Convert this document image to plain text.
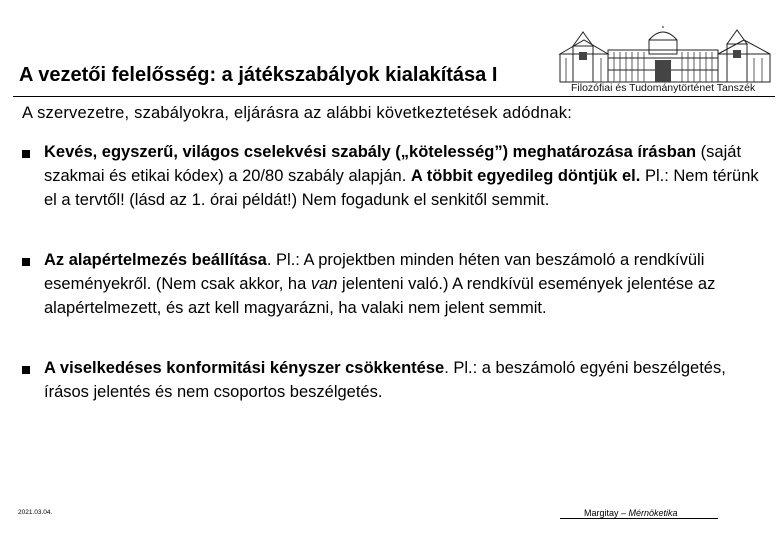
Filozófiai és Tudománytörténet Tanszék
A vezetői felelősség: a játékszabályok kialakítása I

A szervezetre, szabályokra, eljárásra az alábbi következtetések adódnak:

Kevés, egyszerű, világos cselekvési szabály („kötelesség”) meghatározása írásban (saját szakmai és etikai kódex) a 20/80 szabály alapján. A többit egyedileg döntjük el. Pl.: Nem térünk el a tervtől! (lásd az 1. órai példát!) Nem fogadunk el senkitől semmit.

Az alapértelmezés beállítása. Pl.: A projektben minden héten van beszámoló a rendkívüli eseményekről. (Nem csak akkor, ha van jelenteni való.) A rendkívül események jelentése az alapértelmezett, és azt kell magyarázni, ha valaki nem jelent semmit.

A viselkedéses konformitási kényszer csökkentése. Pl.: a beszámoló egyéni beszélgetés, írásos jelentés és nem csoportos beszélgetés.

2021.03.04.	Margitay – Mérnöketika
